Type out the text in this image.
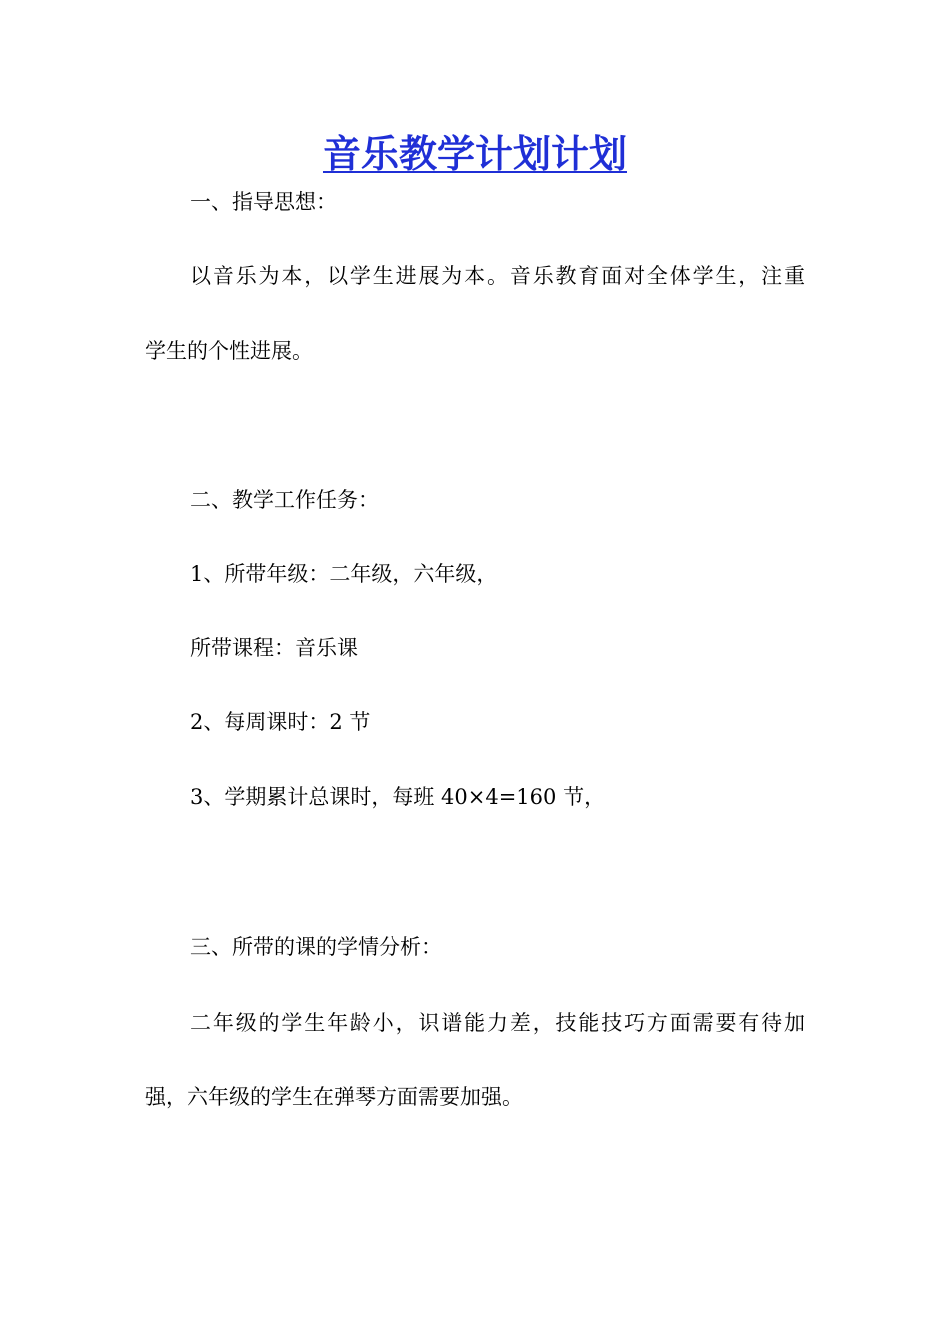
音乐教学计划计划

一、指导思想：

以音乐为本，以学生进展为本。音乐教育面对全体学生，注重

学生的个性进展。

二、教学工作任务：

1、所带年级：二年级，六年级，

所带课程：音乐课

2、每周课时：2 节

3、学期累计总课时，每班 40×4=160 节，

三、所带的课的学情分析：

二年级的学生年龄小，识谱能力差，技能技巧方面需要有待加

强，六年级的学生在弹琴方面需要加强。
